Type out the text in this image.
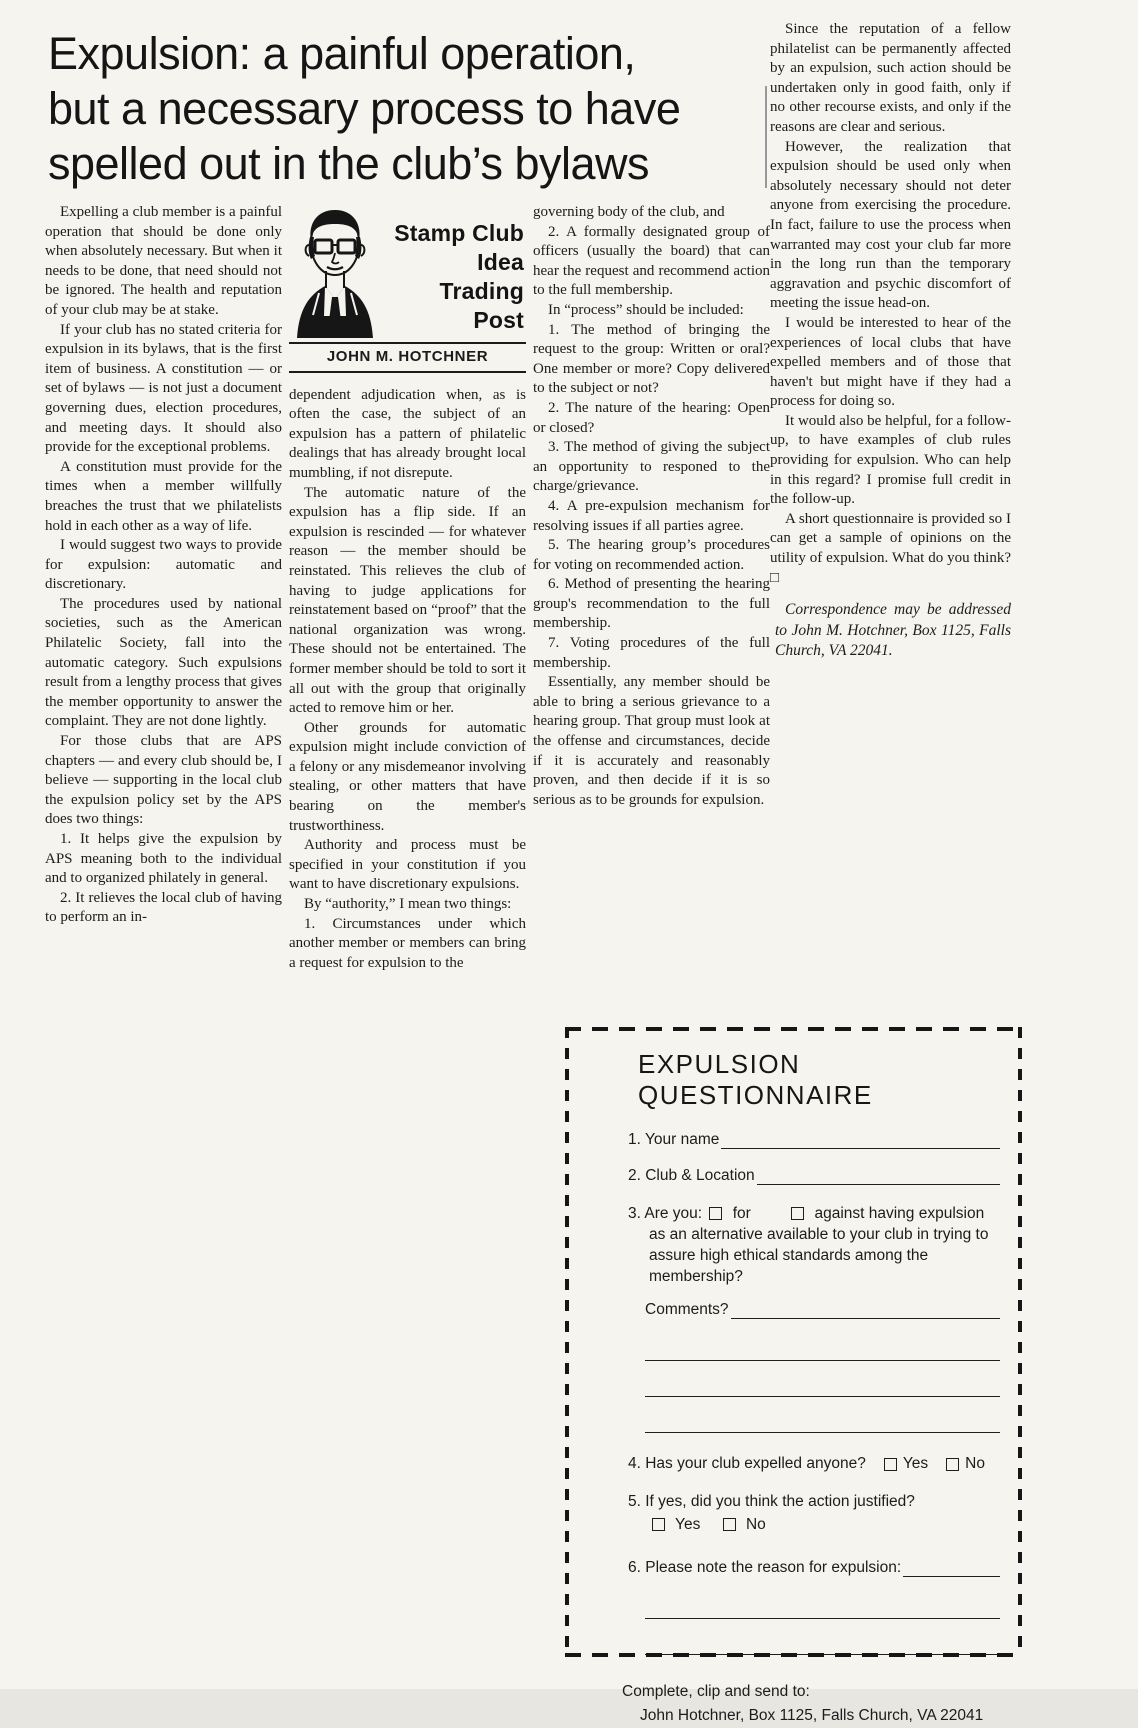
Expulsion: a painful operation,
but a necessary process to have
spelled out in the club’s bylaws

Expelling a club member is a painful operation that should be done only when absolutely necessary. But when it needs to be done, that need should not be ignored. The health and reputation of your club may be at stake.

If your club has no stated criteria for expulsion in its bylaws, that is the first item of business. A constitution — or set of bylaws — is not just a document governing dues, election procedures, and meeting days. It should also provide for the exceptional problems.

A constitution must provide for the times when a member willfully breaches the trust that we philatelists hold in each other as a way of life.

I would suggest two ways to provide for expulsion: automatic and discretionary.

The procedures used by national societies, such as the American Philatelic Society, fall into the automatic category. Such expulsions result from a lengthy process that gives the member opportunity to answer the complaint. They are not done lightly.

For those clubs that are APS chapters — and every club should be, I believe — supporting in the local club the expulsion policy set by the APS does two things:

1. It helps give the expulsion by APS meaning both to the individual and to organized philately in general.

2. It relieves the local club of having to perform an in-

Stamp Club
Idea
Trading
Post
JOHN M. HOTCHNER

dependent adjudication when, as is often the case, the subject of an expulsion has a pattern of philatelic dealings that has already brought local mumbling, if not disrepute.

The automatic nature of the expulsion has a flip side. If an expulsion is rescinded — for whatever reason — the member should be reinstated. This relieves the club of having to judge applications for reinstatement based on “proof” that the national organization was wrong. These should not be entertained. The former member should be told to sort it all out with the group that originally acted to remove him or her.

Other grounds for automatic expulsion might include conviction of a felony or any misdemeanor involving stealing, or other matters that have bearing on the member's trustworthiness.

Authority and process must be specified in your constitution if you want to have discretionary expulsions.

By “authority,” I mean two things:

1. Circumstances under which another member or members can bring a request for expulsion to the

governing body of the club, and

2. A formally designated group of officers (usually the board) that can hear the request and recommend action to the full membership.

In “process” should be included:

1. The method of bringing the request to the group: Written or oral? One member or more? Copy delivered to the subject or not?

2. The nature of the hearing: Open or closed?

3. The method of giving the subject an opportunity to responed to the charge/grievance.

4. A pre-expulsion mechanism for resolving issues if all parties agree.

5. The hearing group’s procedures for voting on recommended action.

6. Method of presenting the hearing group's recommendation to the full membership.

7. Voting procedures of the full membership.

Essentially, any member should be able to bring a serious grievance to a hearing group. That group must look at the offense and circumstances, decide if it is accurately and reasonably proven, and then decide if it is so serious as to be grounds for expulsion.

Since the reputation of a fellow philatelist can be permanently affected by an expulsion, such action should be undertaken only in good faith, only if no other recourse exists, and only if the reasons are clear and serious.

However, the realization that expulsion should be used only when absolutely necessary should not deter anyone from exercising the procedure. In fact, failure to use the process when warranted may cost your club far more in the long run than the temporary aggravation and psychic discomfort of meeting the issue head-on.

I would be interested to hear of the experiences of local clubs that have expelled members and of those that haven't but might have if they had a process for doing so.

It would also be helpful, for a follow-up, to have examples of club rules providing for expulsion. Who can help in this regard? I promise full credit in the follow-up.

A short questionnaire is provided so I can get a sample of opinions on the utility of expulsion. What do you think? □

Correspondence may be addressed to John M. Hotchner, Box 1125, Falls Church, VA 22041.

EXPULSION QUESTIONNAIRE
1. Your name
2. Club & Location
3. Are you: for	against having expulsion as an alternative available to your club in trying to assure high ethical standards among the membership?
Comments?
4. Has your club expelled anyone? Yes No
5. If yes, did you think the action justified?
Yes	No
6. Please note the reason for expulsion:
Complete, clip and send to:
John Hotchner, Box 1125, Falls Church, VA 22041
